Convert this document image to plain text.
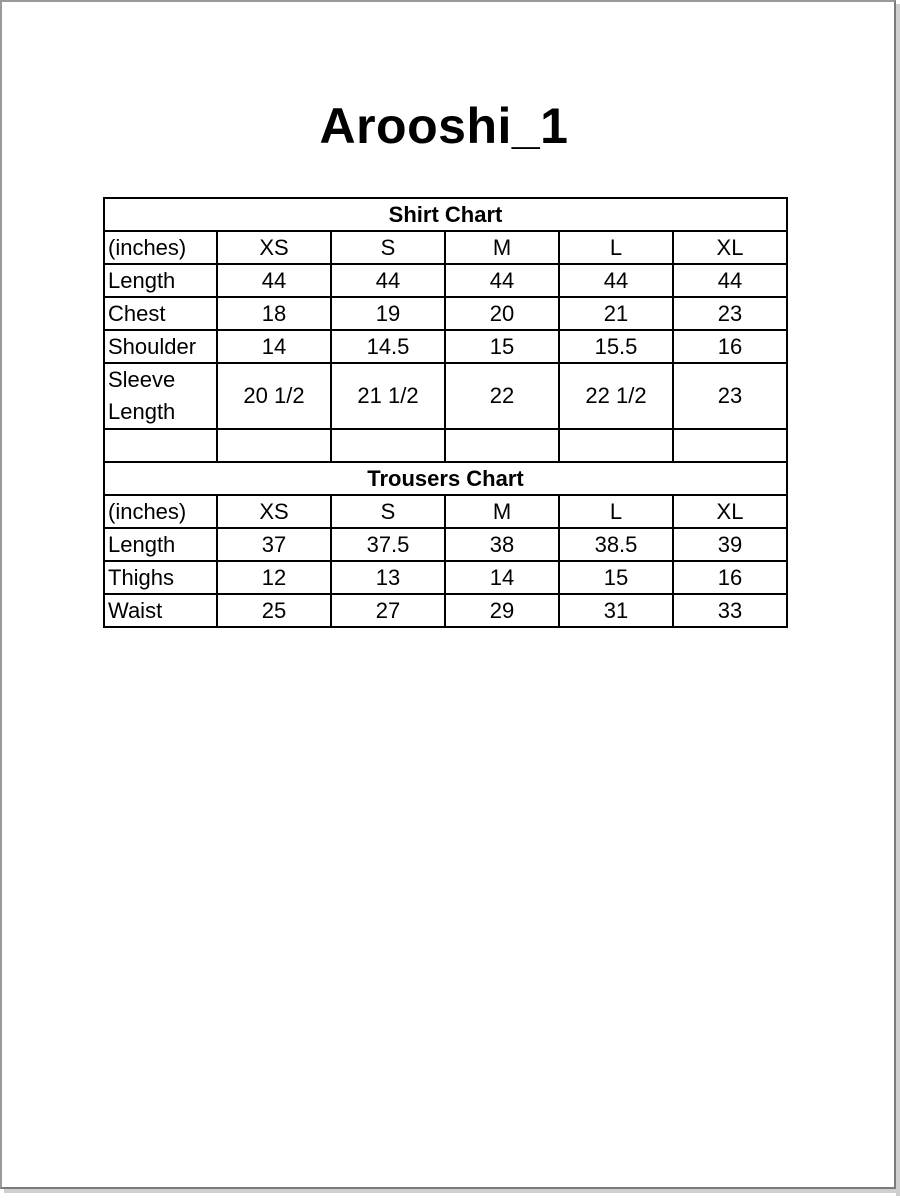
Arooshi_1
Shirt Chart					
(inches)	XS	S	M	L	XL
Length	44	44	44	44	44
Chest	18	19	20	21	23
Shoulder	14	14.5	15	15.5	16
Sleeve Length	20 1/2	21 1/2	22	22 1/2	23

Trousers Chart					
(inches)	XS	S	M	L	XL
Length	37	37.5	38	38.5	39
Thighs	12	13	14	15	16
Waist	25	27	29	31	33
